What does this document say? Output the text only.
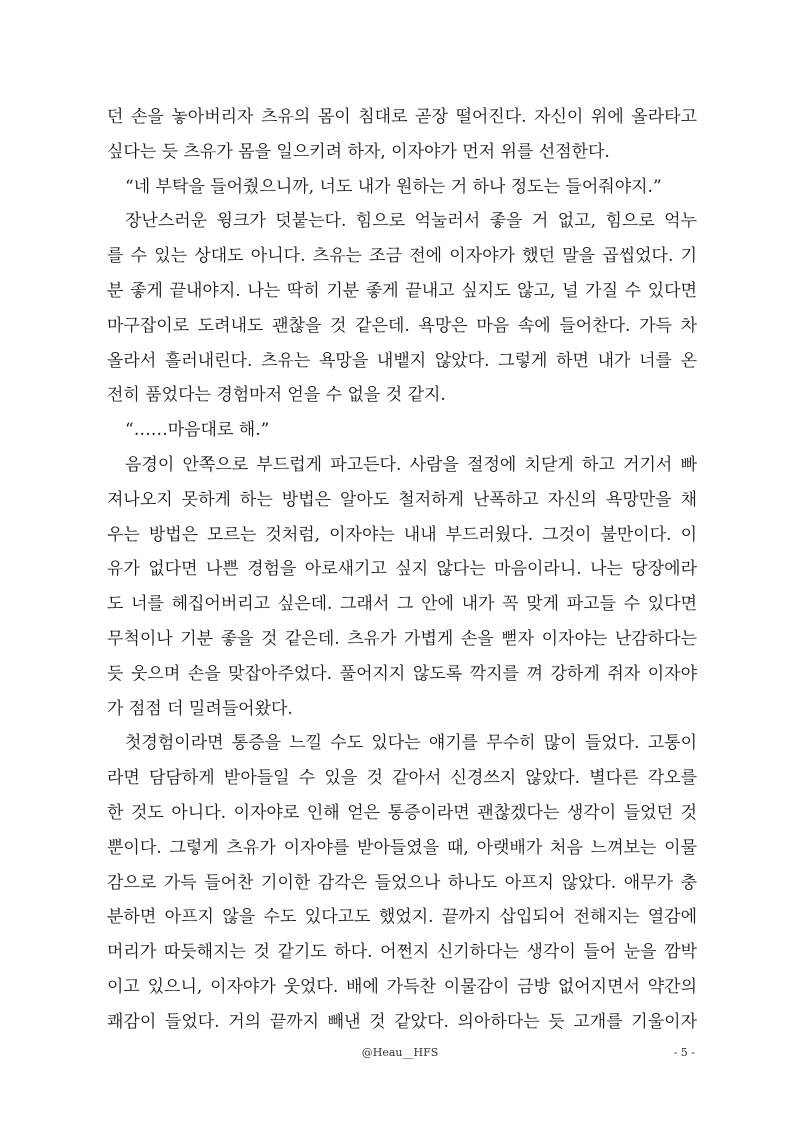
던 손을 놓아버리자 츠유의 몸이 침대로 곧장 떨어진다. 자신이 위에 올라타고
싶다는 듯 츠유가 몸을 일으키려 하자, 이자야가 먼저 위를 선점한다.
“네 부탁을 들어줬으니까, 너도 내가 원하는 거 하나 정도는 들어줘야지.”
장난스러운 윙크가 덧붙는다. 힘으로 억눌러서 좋을 거 없고, 힘으로 억누
를 수 있는 상대도 아니다. 츠유는 조금 전에 이자야가 했던 말을 곱씹었다. 기
분 좋게 끝내야지. 나는 딱히 기분 좋게 끝내고 싶지도 않고, 널 가질 수 있다면
마구잡이로 도려내도 괜찮을 것 같은데. 욕망은 마음 속에 들어찬다. 가득 차
올라서 흘러내린다. 츠유는 욕망을 내뱉지 않았다. 그렇게 하면 내가 너를 온
전히 품었다는 경험마저 얻을 수 없을 것 같지.
“……마음대로 해.”
음경이 안쪽으로 부드럽게 파고든다. 사람을 절정에 치닫게 하고 거기서 빠
져나오지 못하게 하는 방법은 알아도 철저하게 난폭하고 자신의 욕망만을 채
우는 방법은 모르는 것처럼, 이자야는 내내 부드러웠다. 그것이 불만이다. 이
유가 없다면 나쁜 경험을 아로새기고 싶지 않다는 마음이라니. 나는 당장에라
도 너를 헤집어버리고 싶은데. 그래서 그 안에 내가 꼭 맞게 파고들 수 있다면
무척이나 기분 좋을 것 같은데. 츠유가 가볍게 손을 뻗자 이자야는 난감하다는
듯 웃으며 손을 맞잡아주었다. 풀어지지 않도록 깍지를 껴 강하게 쥐자 이자야
가 점점 더 밀려들어왔다.
첫경험이라면 통증을 느낄 수도 있다는 얘기를 무수히 많이 들었다. 고통이
라면 담담하게 받아들일 수 있을 것 같아서 신경쓰지 않았다. 별다른 각오를
한 것도 아니다. 이자야로 인해 얻은 통증이라면 괜찮겠다는 생각이 들었던 것
뿐이다. 그렇게 츠유가 이자야를 받아들였을 때, 아랫배가 처음 느껴보는 이물
감으로 가득 들어찬 기이한 감각은 들었으나 하나도 아프지 않았다. 애무가 충
분하면 아프지 않을 수도 있다고도 했었지. 끝까지 삽입되어 전해지는 열감에
머리가 따듯해지는 것 같기도 하다. 어쩐지 신기하다는 생각이 들어 눈을 깜박
이고 있으니, 이자야가 웃었다. 배에 가득찬 이물감이 금방 없어지면서 약간의
쾌감이 들었다. 거의 끝까지 빼낸 것 같았다. 의아하다는 듯 고개를 기울이자
@Heau__HFS	- 5 -
